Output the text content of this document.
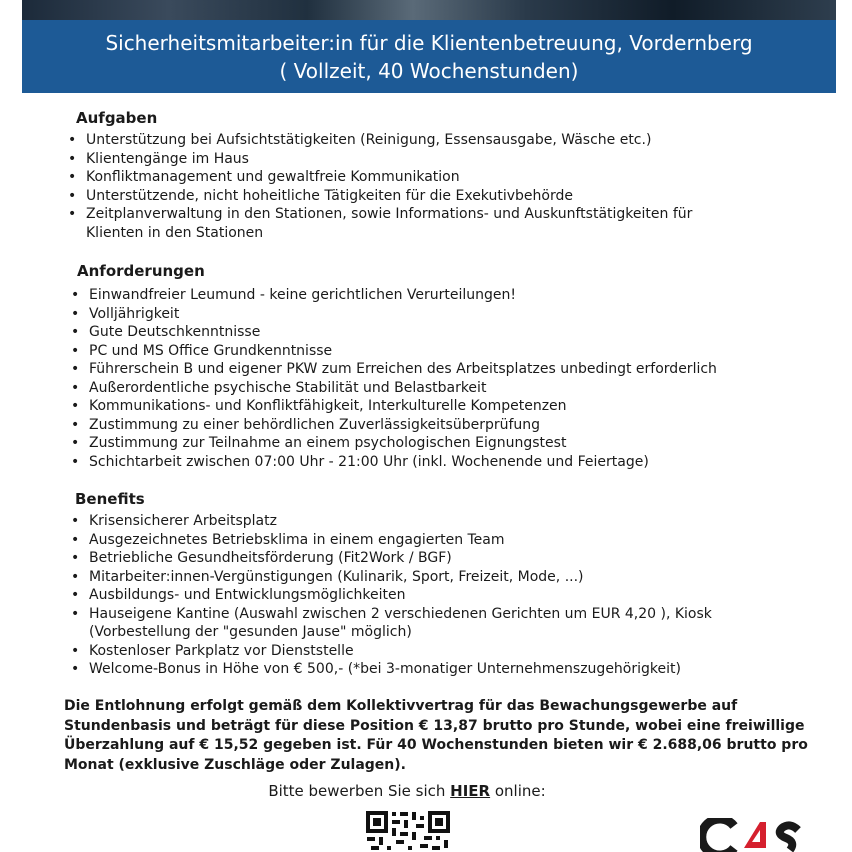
Sicherheitsmitarbeiter:in für die Klientenbetreuung, Vordernberg
( Vollzeit, 40 Wochenstunden)
Aufgaben
• Unterstützung bei Aufsichtstätigkeiten (Reinigung, Essensausgabe, Wäsche etc.)
• Klientengänge im Haus
• Konfliktmanagement und gewaltfreie Kommunikation
• Unterstützende, nicht hoheitliche Tätigkeiten für die Exekutivbehörde
• Zeitplanverwaltung in den Stationen, sowie Informations- und Auskunftstätigkeiten für Klienten in den Stationen
Anforderungen
• Einwandfreier Leumund - keine gerichtlichen Verurteilungen!
• Volljährigkeit
• Gute Deutschkenntnisse
• PC und MS Office Grundkenntnisse
• Führerschein B und eigener PKW zum Erreichen des Arbeitsplatzes unbedingt erforderlich
• Außerordentliche psychische Stabilität und Belastbarkeit
• Kommunikations- und Konfliktfähigkeit, Interkulturelle Kompetenzen
• Zustimmung zu einer behördlichen Zuverlässigkeitsüberprüfung
• Zustimmung zur Teilnahme an einem psychologischen Eignungstest
• Schichtarbeit zwischen 07:00 Uhr - 21:00 Uhr (inkl. Wochenende und Feiertage)
Benefits
• Krisensicherer Arbeitsplatz
• Ausgezeichnetes Betriebsklima in einem engagierten Team
• Betriebliche Gesundheitsförderung (Fit2Work / BGF)
• Mitarbeiter:innen-Vergünstigungen (Kulinarik, Sport, Freizeit, Mode, ...)
• Ausbildungs- und Entwicklungsmöglichkeiten
• Hauseigene Kantine (Auswahl zwischen 2 verschiedenen Gerichten um EUR 4,20 ), Kiosk (Vorbestellung der "gesunden Jause" möglich)
• Kostenloser Parkplatz vor Dienststelle
• Welcome-Bonus in Höhe von € 500,- (*bei 3-monatiger Unternehmenszugehörigkeit)
Die Entlohnung erfolgt gemäß dem Kollektivvertrag für das Bewachungsgewerbe auf Stundenbasis und beträgt für diese Position € 13,87 brutto pro Stunde, wobei eine freiwillige Überzahlung auf € 15,52 gegeben ist. Für 40 Wochenstunden bieten wir € 2.688,06 brutto pro Monat (exklusive Zuschläge oder Zulagen).
Bitte bewerben Sie sich HIER online:
